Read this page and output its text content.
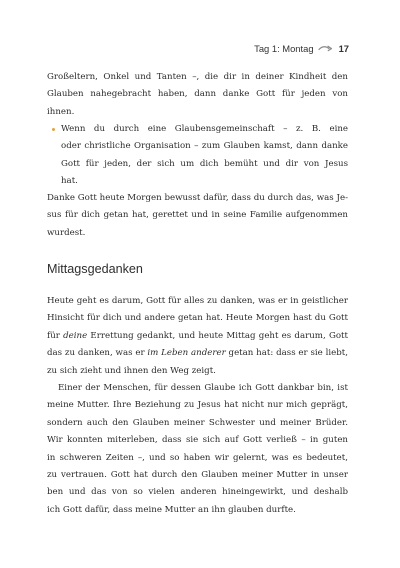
Tag 1: Montag	17
Großeltern, Onkel und Tanten –, die dir in deiner Kindheit den
Glauben nahegebracht haben, dann danke Gott für jeden von
ihnen.
Wenn du durch eine Glaubensgemeinschaft – z. B. eine
oder christliche Organisation – zum Glauben kamst, dann danke
Gott für jeden, der sich um dich bemüht und dir von Jesus
hat.
Danke Gott heute Morgen bewusst dafür, dass du durch das, was Je-
sus für dich getan hat, gerettet und in seine Familie aufgenommen
wurdest.
Mittagsgedanken
Heute geht es darum, Gott für alles zu danken, was er in geistlicher
Hinsicht für dich und andere getan hat. Heute Morgen hast du Gott
für deine Errettung gedankt, und heute Mittag geht es darum, Gott
das zu danken, was er im Leben anderer getan hat: dass er sie liebt,
zu sich zieht und ihnen den Weg zeigt.
Einer der Menschen, für dessen Glaube ich Gott dankbar bin, ist
meine Mutter. Ihre Beziehung zu Jesus hat nicht nur mich geprägt,
sondern auch den Glauben meiner Schwester und meiner Brüder.
Wir konnten miterleben, dass sie sich auf Gott verließ – in guten
in schweren Zeiten –, und so haben wir gelernt, was es bedeutet,
zu vertrauen. Gott hat durch den Glauben meiner Mutter in unser
ben und das von so vielen anderen hineingewirkt, und deshalb
ich Gott dafür, dass meine Mutter an ihn glauben durfte.
